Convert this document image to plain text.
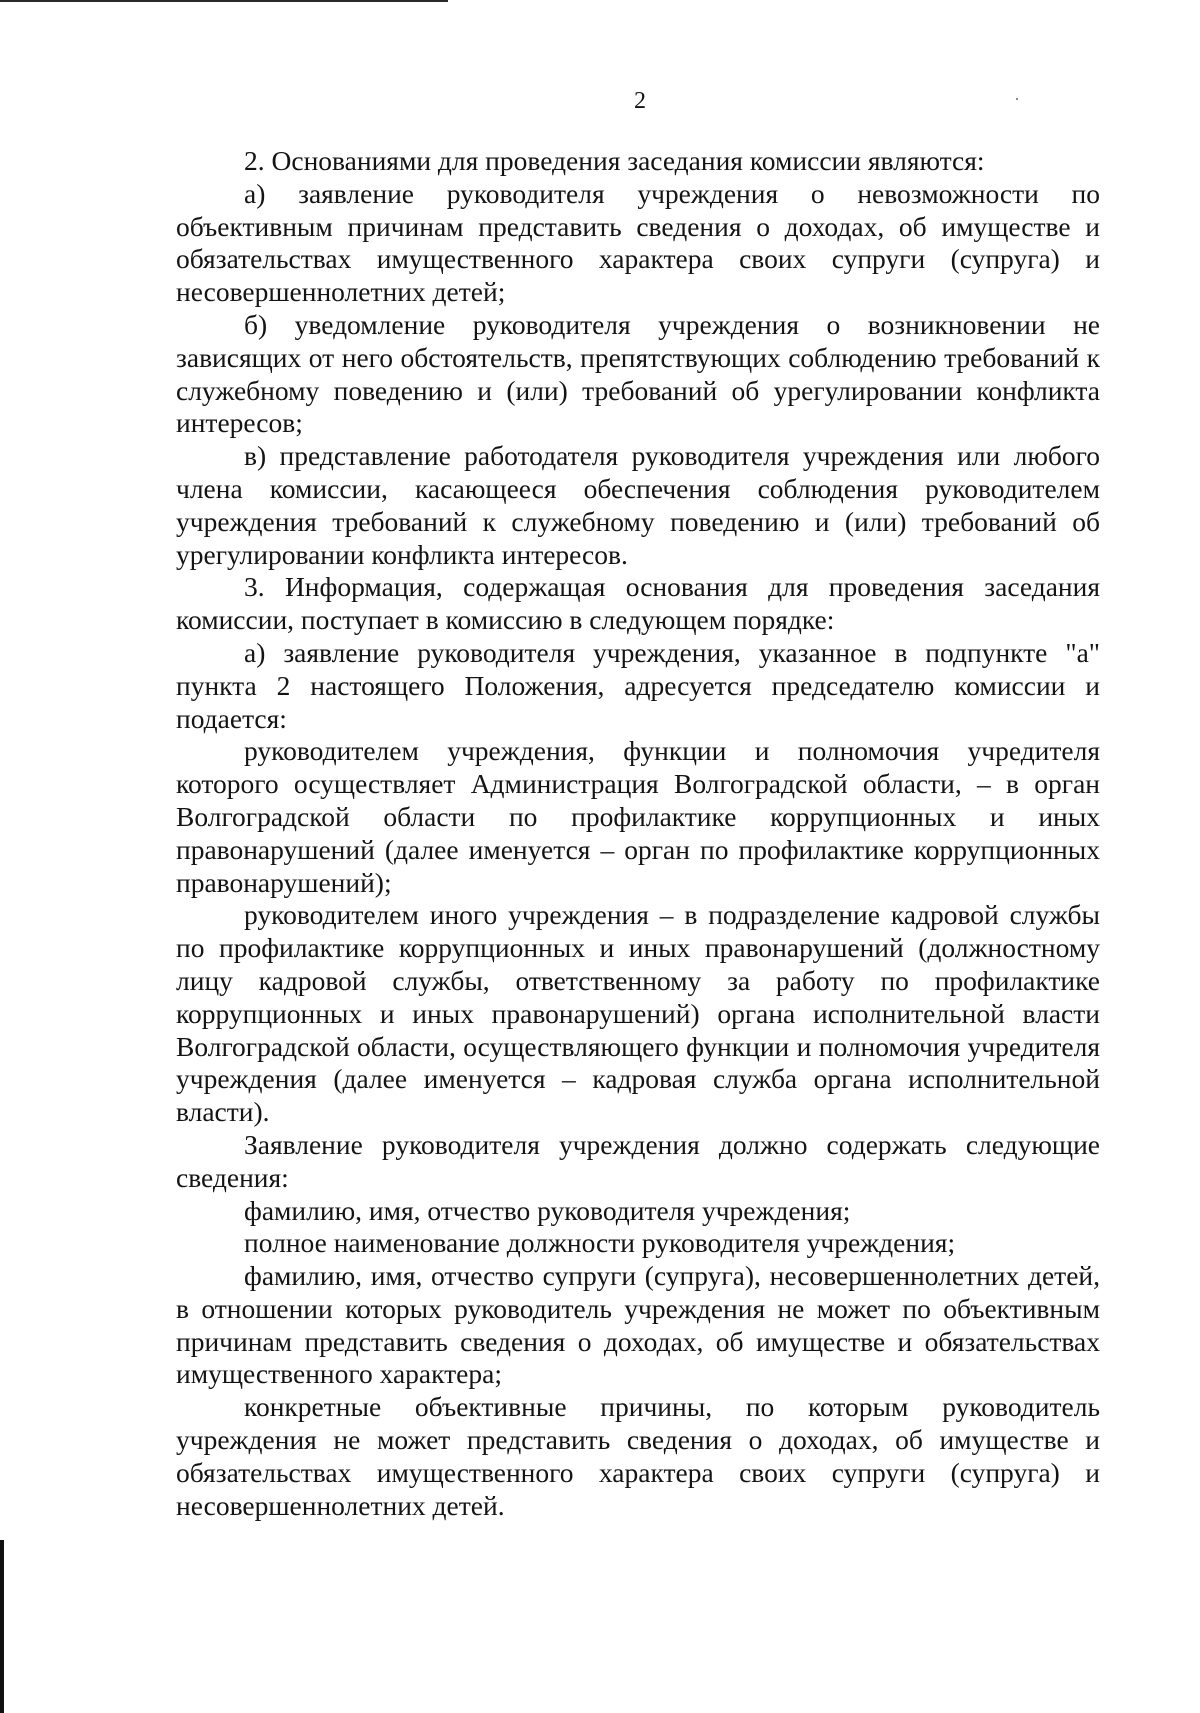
2

2. Основаниями для проведения заседания комиссии являются:

а) заявление руководителя учреждения о невозможности по объективным причинам представить сведения о доходах, об имуществе и обязательствах имущественного характера своих супруги (супруга) и несовершеннолетних детей;

б) уведомление руководителя учреждения о возникновении не зависящих от него обстоятельств, препятствующих соблюдению требований к служебному поведению и (или) требований об урегулировании конфликта интересов;

в) представление работодателя руководителя учреждения или любого члена комиссии, касающееся обеспечения соблюдения руководителем учреждения требований к служебному поведению и (или) требований об урегулировании конфликта интересов.

3. Информация, содержащая основания для проведения заседания комиссии, поступает в комиссию в следующем порядке:

а) заявление руководителя учреждения, указанное в подпункте "а" пункта 2 настоящего Положения, адресуется председателю комиссии и подается:

руководителем учреждения, функции и полномочия учредителя которого осуществляет Администрация Волгоградской области, – в орган Волгоградской области по профилактике коррупционных и иных правонарушений (далее именуется – орган по профилактике коррупционных правонарушений);

руководителем иного учреждения – в подразделение кадровой службы по профилактике коррупционных и иных правонарушений (должностному лицу кадровой службы, ответственному за работу по профилактике коррупционных и иных правонарушений) органа исполнительной власти Волгоградской области, осуществляющего функции и полномочия учредителя учреждения (далее именуется – кадровая служба органа исполнительной власти).

Заявление руководителя учреждения должно содержать следующие сведения:

фамилию, имя, отчество руководителя учреждения;

полное наименование должности руководителя учреждения;

фамилию, имя, отчество супруги (супруга), несовершеннолетних детей, в отношении которых руководитель учреждения не может по объективным причинам представить сведения о доходах, об имуществе и обязательствах имущественного характера;

конкретные объективные причины, по которым руководитель учреждения не может представить сведения о доходах, об имуществе и обязательствах имущественного характера своих супруги (супруга) и несовершеннолетних детей.
